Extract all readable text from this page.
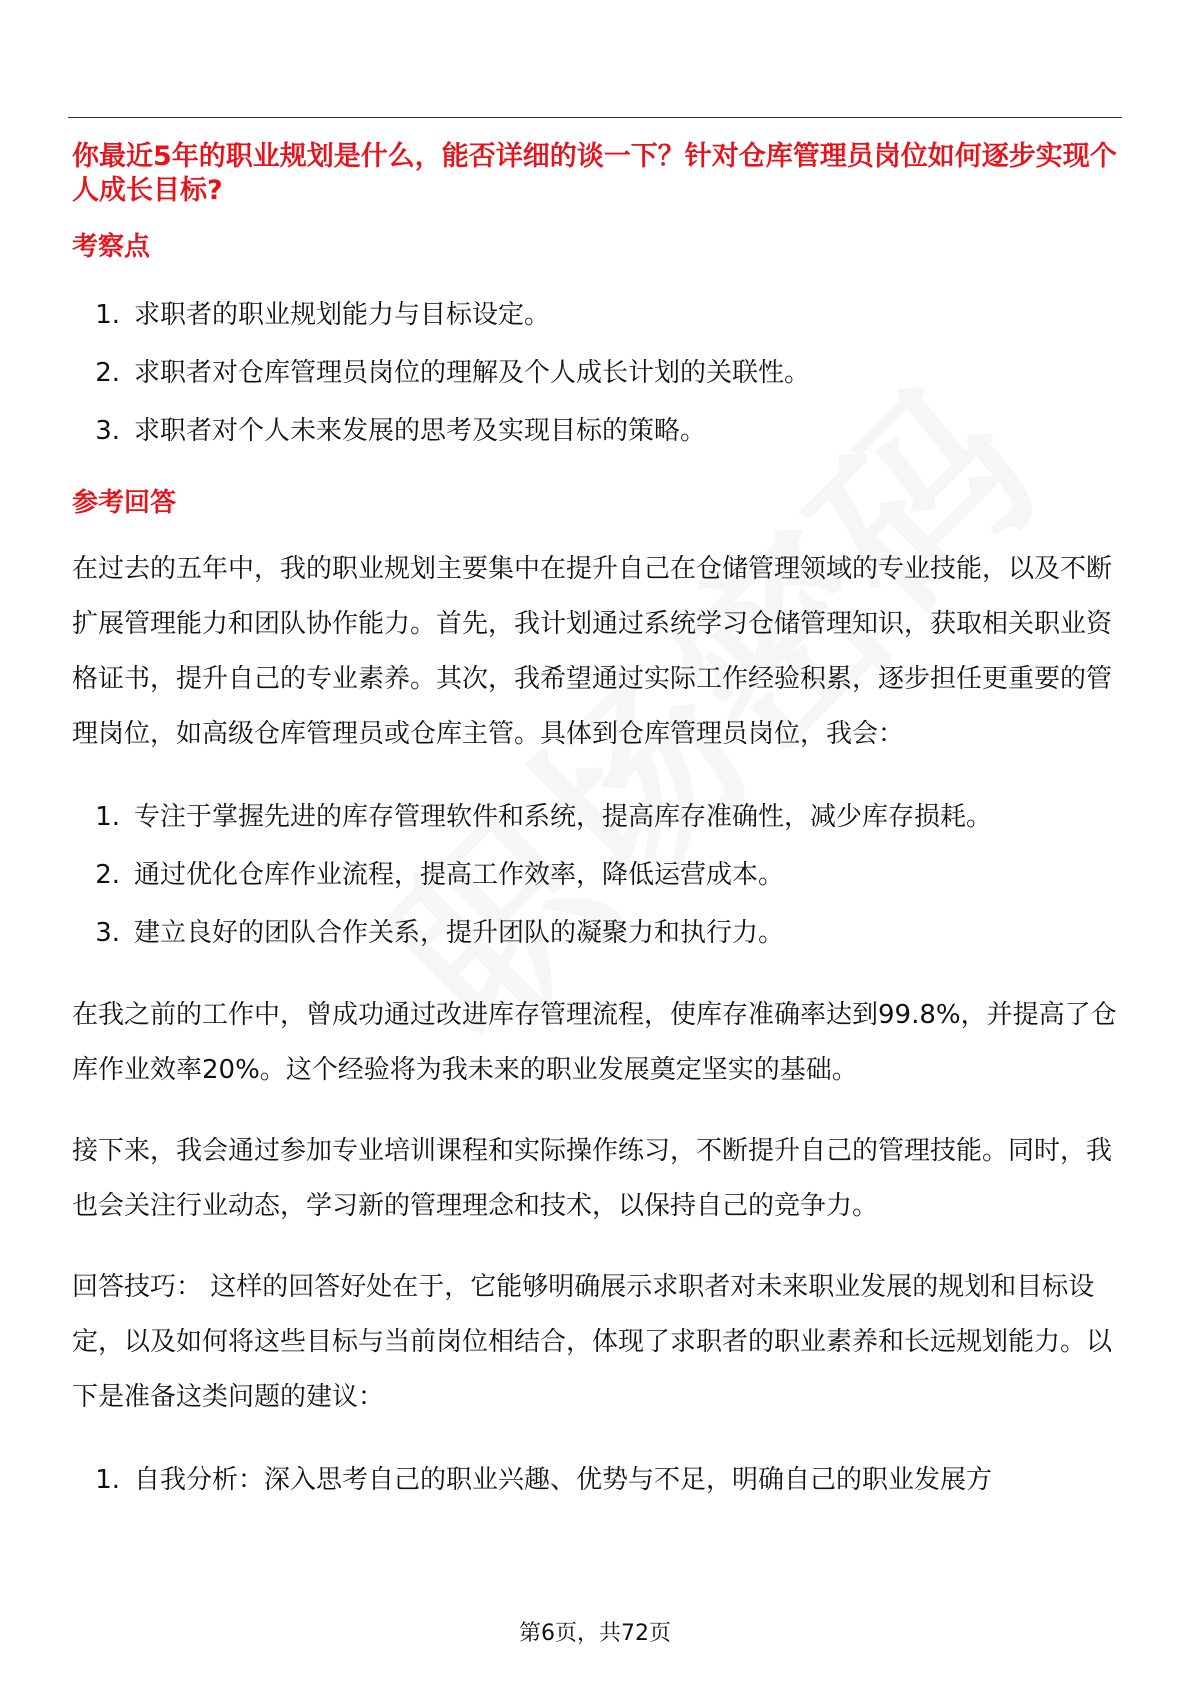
你最近5年的职业规划是什么，能否详细的谈一下？针对仓库管理员岗位如何逐步实现个人成长目标?
考察点
1. 求职者的职业规划能力与目标设定。
2. 求职者对仓库管理员岗位的理解及个人成长计划的关联性。
3. 求职者对个人未来发展的思考及实现目标的策略。
参考回答

在过去的五年中，我的职业规划主要集中在提升自己在仓储管理领域的专业技能，以及不断扩展管理能力和团队协作能力。首先，我计划通过系统学习仓储管理知识，获取相关职业资格证书，提升自己的专业素养。其次，我希望通过实际工作经验积累，逐步担任更重要的管理岗位，如高级仓库管理员或仓库主管。具体到仓库管理员岗位，我会：

1. 专注于掌握先进的库存管理软件和系统，提高库存准确性，减少库存损耗。
2. 通过优化仓库作业流程，提高工作效率，降低运营成本。
3. 建立良好的团队合作关系，提升团队的凝聚力和执行力。

在我之前的工作中，曾成功通过改进库存管理流程，使库存准确率达到99.8%，并提高了仓库作业效率20%。这个经验将为我未来的职业发展奠定坚实的基础。

接下来，我会通过参加专业培训课程和实际操作练习，不断提升自己的管理技能。同时，我也会关注行业动态，学习新的管理理念和技术，以保持自己的竞争力。

回答技巧： 这样的回答好处在于，它能够明确展示求职者对未来职业发展的规划和目标设定，以及如何将这些目标与当前岗位相结合，体现了求职者的职业素养和长远规划能力。以下是准备这类问题的建议：

1. 自我分析：深入思考自己的职业兴趣、优势与不足，明确自己的职业发展方
第6页，共72页
